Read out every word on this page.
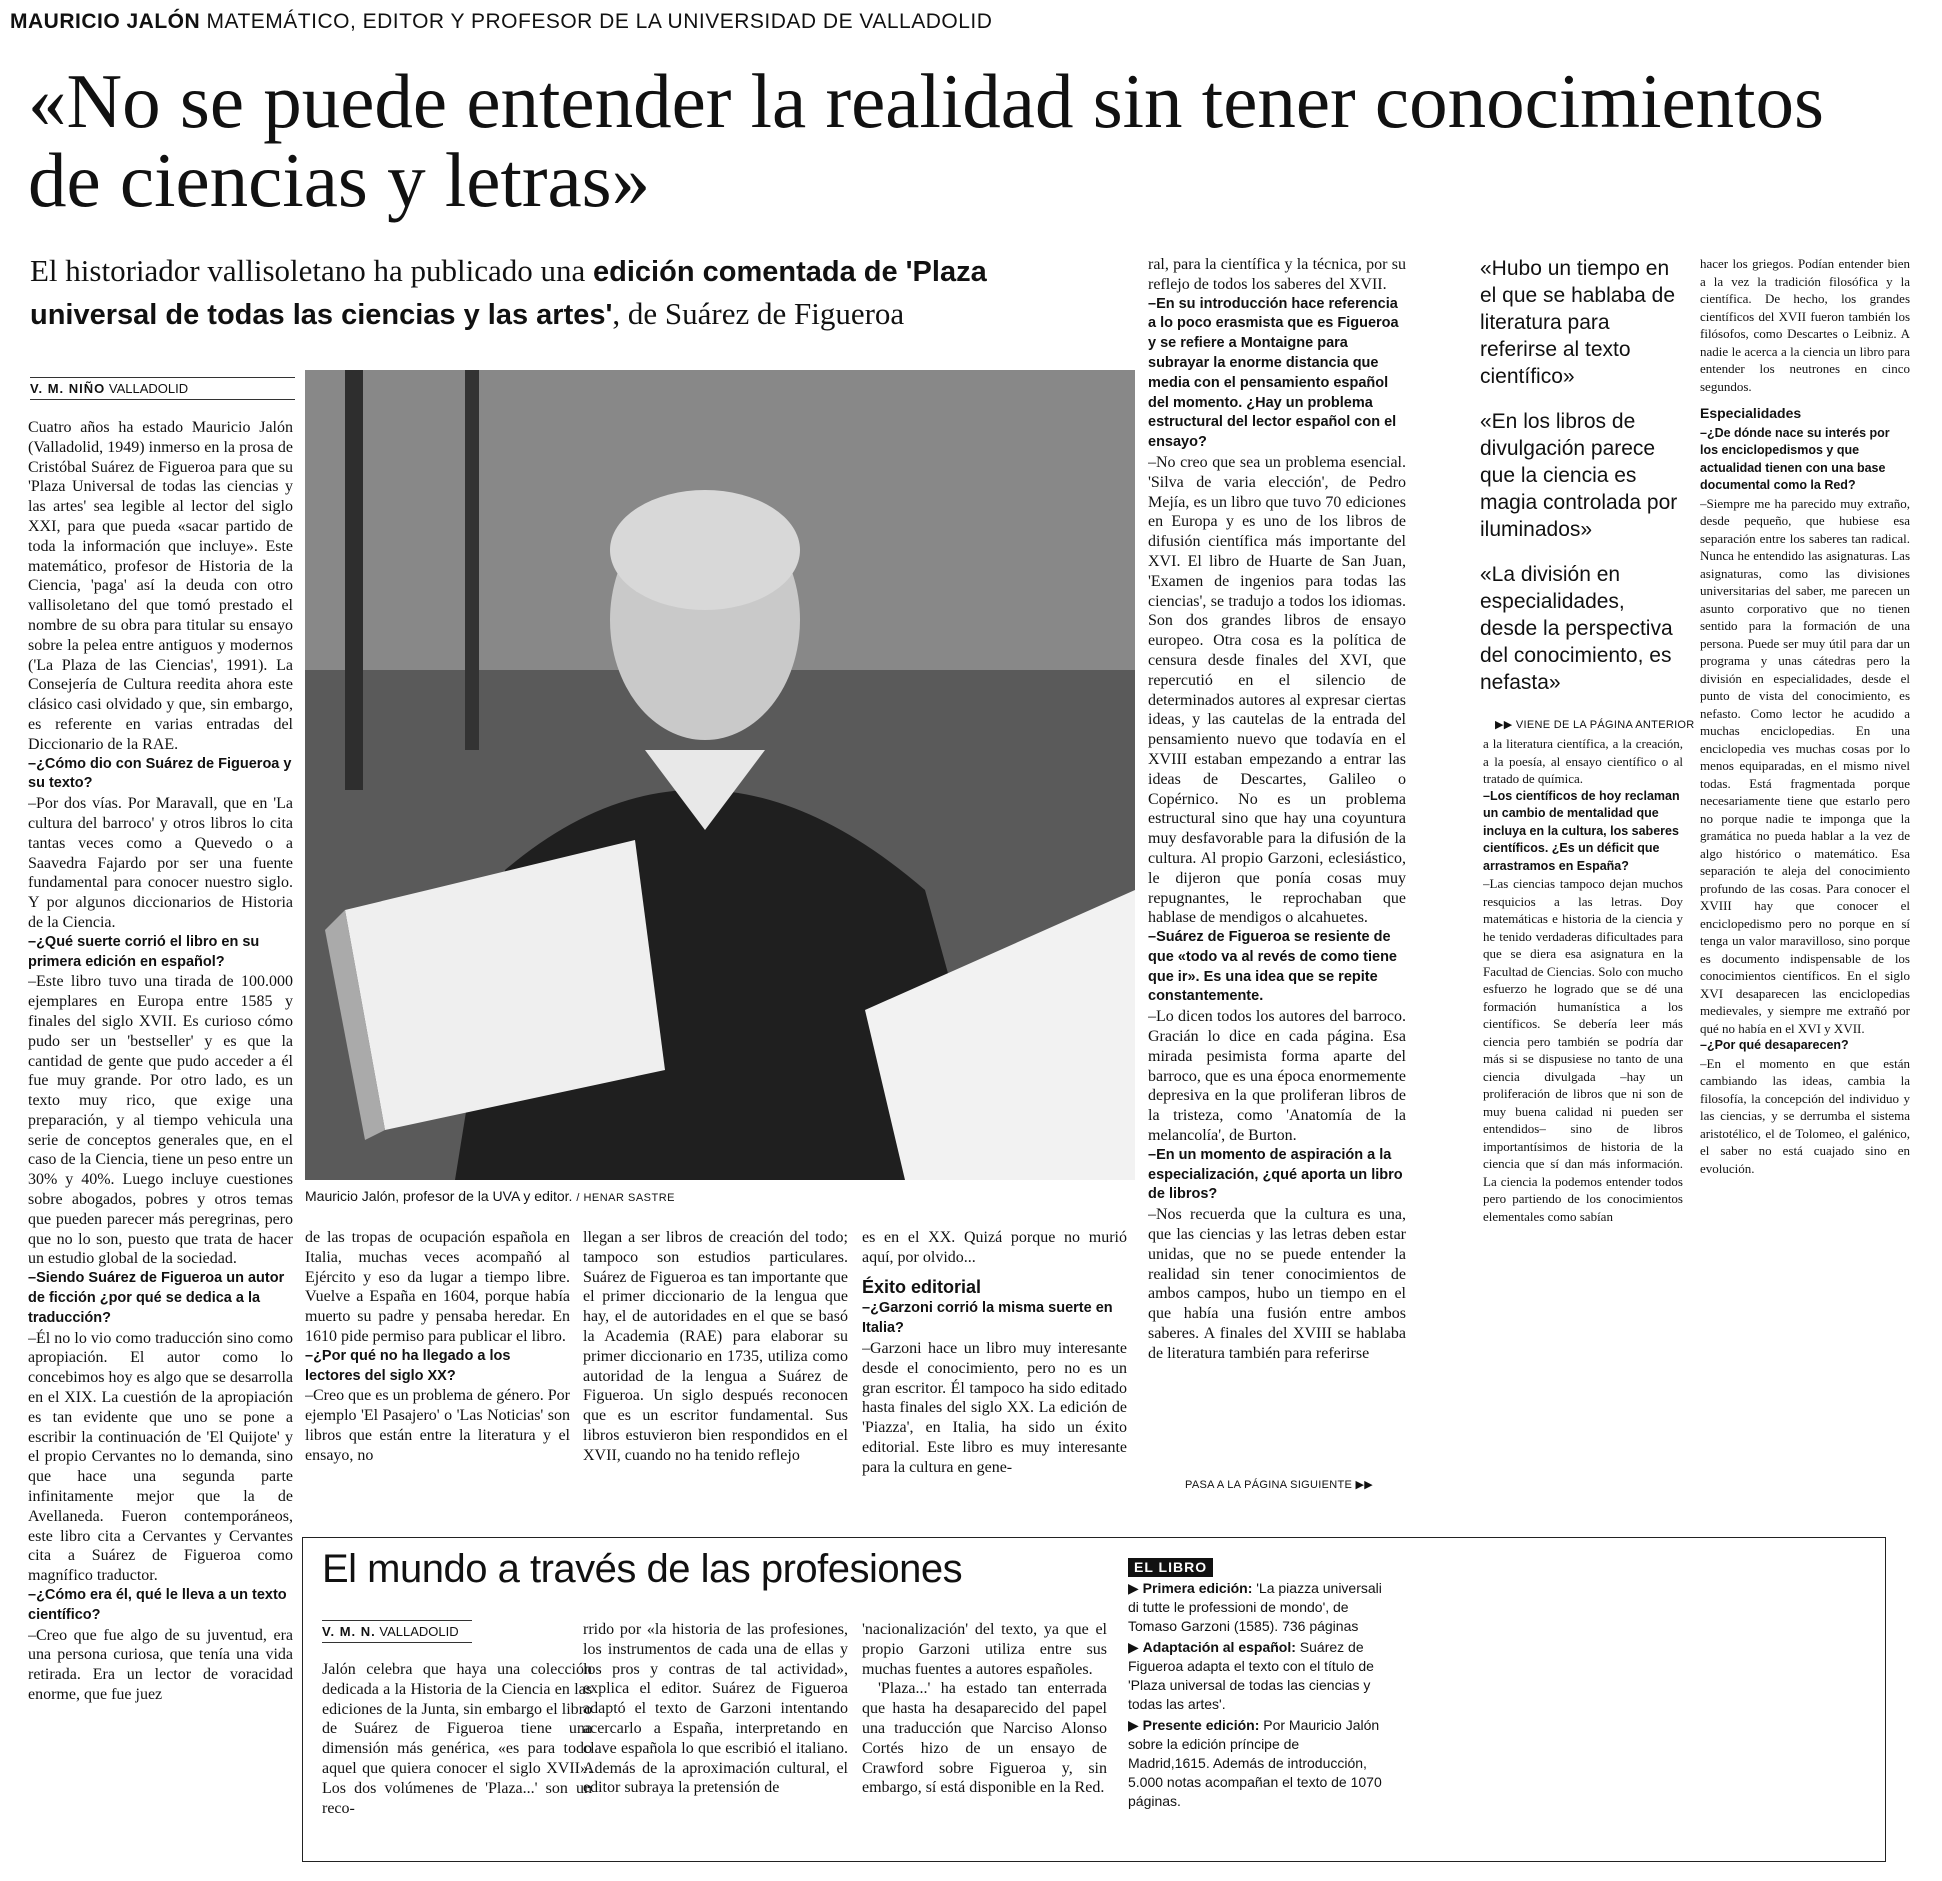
MAURICIO JALÓN MATEMÁTICO, EDITOR Y PROFESOR DE LA UNIVERSIDAD DE VALLADOLID
«No se puede entender la realidad sin tener conocimientos de ciencias y letras»
El historiador vallisoletano ha publicado una edición comentada de 'Plaza universal de todas las ciencias y las artes', de Suárez de Figueroa
V. M. NIÑO VALLADOLID

Cuatro años ha estado Mauricio Jalón (Valladolid, 1949) inmerso en la prosa de Cristóbal Suárez de Figueroa para que su 'Plaza Universal de todas las ciencias y las artes' sea legible al lector del siglo XXI, para que pueda «sacar partido de toda la información que incluye». Este matemático, profesor de Historia de la Ciencia, 'paga' así la deuda con otro vallisoletano del que tomó prestado el nombre de su obra para titular su ensayo sobre la pelea entre antiguos y modernos ('La Plaza de las Ciencias', 1991). La Consejería de Cultura reedita ahora este clásico casi olvidado y que, sin embargo, es referente en varias entradas del Diccionario de la RAE.

–¿Cómo dio con Suárez de Figueroa y su texto?

–Por dos vías. Por Maravall, que en 'La cultura del barroco' y otros libros lo cita tantas veces como a Quevedo o a Saavedra Fajardo por ser una fuente fundamental para conocer nuestro siglo. Y por algunos diccionarios de Historia de la Ciencia.

–¿Qué suerte corrió el libro en su primera edición en español?

–Este libro tuvo una tirada de 100.000 ejemplares en Europa entre 1585 y finales del siglo XVII. Es curioso cómo pudo ser un 'bestseller' y es que la cantidad de gente que pudo acceder a él fue muy grande. Por otro lado, es un texto muy rico, que exige una preparación, y al tiempo vehicula una serie de conceptos generales que, en el caso de la Ciencia, tiene un peso entre un 30% y 40%. Luego incluye cuestiones sobre abogados, pobres y otros temas que pueden parecer más peregrinas, pero que no lo son, puesto que trata de hacer un estudio global de la sociedad.

–Siendo Suárez de Figueroa un autor de ficción ¿por qué se dedica a la traducción?

–Él no lo vio como traducción sino como apropiación. El autor como lo concebimos hoy es algo que se desarrolla en el XIX. La cuestión de la apropiación es tan evidente que uno se pone a escribir la continuación de 'El Quijote' y el propio Cervantes no lo demanda, sino que hace una segunda parte infinitamente mejor que la de Avellaneda. Fueron contemporáneos, este libro cita a Cervantes y Cervantes cita a Suárez de Figueroa como magnífico traductor.

–¿Cómo era él, qué le lleva a un texto científico?

–Creo que fue algo de su juventud, era una persona curiosa, que tenía una vida retirada. Era un lector de voracidad enorme, que fue juez

Mauricio Jalón, profesor de la UVA y editor. / HENAR SASTRE

de las tropas de ocupación española en Italia, muchas veces acompañó al Ejército y eso da lugar a tiempo libre. Vuelve a España en 1604, porque había muerto su padre y pensaba heredar. En 1610 pide permiso para publicar el libro.

–¿Por qué no ha llegado a los lectores del siglo XX?

–Creo que es un problema de género. Por ejemplo 'El Pasajero' o 'Las Noticias' son libros que están entre la literatura y el ensayo, no

llegan a ser libros de creación del todo; tampoco son estudios particulares. Suárez de Figueroa es tan importante que el primer diccionario de la lengua que hay, el de autoridades en el que se basó la Academia (RAE) para elaborar su primer diccionario en 1735, utiliza como autoridad de la lengua a Suárez de Figueroa. Un siglo después reconocen que es un escritor fundamental. Sus libros estuvieron bien respondidos en el XVII, cuando no ha tenido reflejo

es en el XX. Quizá porque no murió aquí, por olvido...

Éxito editorial

–¿Garzoni corrió la misma suerte en Italia?

–Garzoni hace un libro muy interesante desde el conocimiento, pero no es un gran escritor. Él tampoco ha sido editado hasta finales del siglo XX. La edición de 'Piazza', en Italia, ha sido un éxito editorial. Este libro es muy interesante para la cultura en gene-

ral, para la científica y la técnica, por su reflejo de todos los saberes del XVII.

–En su introducción hace referencia a lo poco erasmista que es Figueroa y se refiere a Montaigne para subrayar la enorme distancia que media con el pensamiento español del momento. ¿Hay un problema estructural del lector español con el ensayo?

–No creo que sea un problema esencial. 'Silva de varia elección', de Pedro Mejía, es un libro que tuvo 70 ediciones en Europa y es uno de los libros de difusión científica más importante del XVI. El libro de Huarte de San Juan, 'Examen de ingenios para todas las ciencias', se tradujo a todos los idiomas. Son dos grandes libros de ensayo europeo. Otra cosa es la política de censura desde finales del XVI, que repercutió en el silencio de determinados autores al expresar ciertas ideas, y las cautelas de la entrada del pensamiento nuevo que todavía en el XVIII estaban empezando a entrar las ideas de Descartes, Galileo o Copérnico. No es un problema estructural sino que hay una coyuntura muy desfavorable para la difusión de la cultura. Al propio Garzoni, eclesiástico, le dijeron que ponía cosas muy repugnantes, le reprochaban que hablase de mendigos o alcahuetes.

–Suárez de Figueroa se resiente de que «todo va al revés de como tiene que ir». Es una idea que se repite constantemente.

–Lo dicen todos los autores del barroco. Gracián lo dice en cada página. Esa mirada pesimista forma aparte del barroco, que es una época enormemente depresiva en la que proliferan libros de la tristeza, como 'Anatomía de la melancolía', de Burton.

–En un momento de aspiración a la especialización, ¿qué aporta un libro de libros?

–Nos recuerda que la cultura es una, que las ciencias y las letras deben estar unidas, que no se puede entender la realidad sin tener conocimientos de ambos campos, hubo un tiempo en el que había una fusión entre ambos saberes. A finales del XVIII se hablaba de literatura también para referirse

PASA A LA PÁGINA SIGUIENTE ▶▶

«Hubo un tiempo en el que se hablaba de literatura para referirse al texto científico»

«En los libros de divulgación parece que la ciencia es magia controlada por iluminados»

«La división en especialidades, desde la perspectiva del conocimiento, es nefasta»

▶▶ VIENE DE LA PÁGINA ANTERIOR

a la literatura científica, a la creación, a la poesía, al ensayo científico o al tratado de química.

–Los científicos de hoy reclaman un cambio de mentalidad que incluya en la cultura, los saberes científicos. ¿Es un déficit que arrastramos en España?

–Las ciencias tampoco dejan muchos resquicios a las letras. Doy matemáticas e historia de la ciencia y he tenido verdaderas dificultades para que se diera esa asignatura en la Facultad de Ciencias. Solo con mucho esfuerzo he logrado que se dé una formación humanística a los científicos. Se debería leer más ciencia pero también se podría dar más si se dispusiese no tanto de una ciencia divulgada –hay un proliferación de libros que ni son de muy buena calidad ni pueden ser entendidos– sino de libros importantísimos de historia de la ciencia que sí dan más información. La ciencia la podemos entender todos pero partiendo de los conocimientos elementales como sabían

hacer los griegos. Podían entender bien a la vez la tradición filosófica y la científica. De hecho, los grandes científicos del XVII fueron también los filósofos, como Descartes o Leibniz. A nadie le acerca a la ciencia un libro para entender los neutrones en cinco segundos.

Especialidades

–¿De dónde nace su interés por los enciclopedismos y que actualidad tienen con una base documental como la Red?

–Siempre me ha parecido muy extraño, desde pequeño, que hubiese esa separación entre los saberes tan radical. Nunca he entendido las asignaturas. Las asignaturas, como las divisiones universitarias del saber, me parecen un asunto corporativo que no tienen sentido para la formación de una persona. Puede ser muy útil para dar un programa y unas cátedras pero la división en especialidades, desde el punto de vista del conocimiento, es nefasto. Como lector he acudido a muchas enciclopedias. En una enciclopedia ves muchas cosas por lo menos equiparadas, en el mismo nivel todas. Está fragmentada porque necesariamente tiene que estarlo pero no porque nadie te imponga que la gramática no pueda hablar a la vez de algo histórico o matemático. Esa separación te aleja del conocimiento profundo de las cosas. Para conocer el XVIII hay que conocer el enciclopedismo pero no porque en sí tenga un valor maravilloso, sino porque es documento indispensable de los conocimientos científicos. En el siglo XVI desaparecen las enciclopedias medievales, y siempre me extrañó por qué no había en el XVI y XVII.

–¿Por qué desaparecen?

–En el momento en que están cambiando las ideas, cambia la filosofía, la concepción del individuo y las ciencias, y se derrumba el sistema aristotélico, el de Tolomeo, el galénico, el saber no está cuajado sino en evolución.

El mundo a través de las profesiones
V. M. N. VALLADOLID

Jalón celebra que haya una colección dedicada a la Historia de la Ciencia en las ediciones de la Junta, sin embargo el libro de Suárez de Figueroa tiene una dimensión más genérica, «es para todo aquel que quiera conocer el siglo XVII». Los dos volúmenes de 'Plaza...' son un reco-

rrido por «la historia de las profesiones, los instrumentos de cada una de ellas y los pros y contras de tal actividad», explica el editor. Suárez de Figueroa adaptó el texto de Garzoni intentando acercarlo a España, interpretando en clave española lo que escribió el italiano. Además de la aproximación cultural, el editor subraya la pretensión de

'nacionalización' del texto, ya que el propio Garzoni utiliza entre sus muchas fuentes a autores españoles.

'Plaza...' ha estado tan enterrada que hasta ha desaparecido del papel una traducción que Narciso Alonso Cortés hizo de un ensayo de Crawford sobre Figueroa y, sin embargo, sí está disponible en la Red.

EL LIBRO

▶ Primera edición: 'La piazza universali di tutte le professioni de mondo', de Tomaso Garzoni (1585). 736 páginas

▶ Adaptación al español: Suárez de Figueroa adapta el texto con el título de 'Plaza universal de todas las ciencias y todas las artes'.

▶ Presente edición: Por Mauricio Jalón sobre la edición príncipe de Madrid,1615. Además de introducción, 5.000 notas acompañan el texto de 1070 páginas.
